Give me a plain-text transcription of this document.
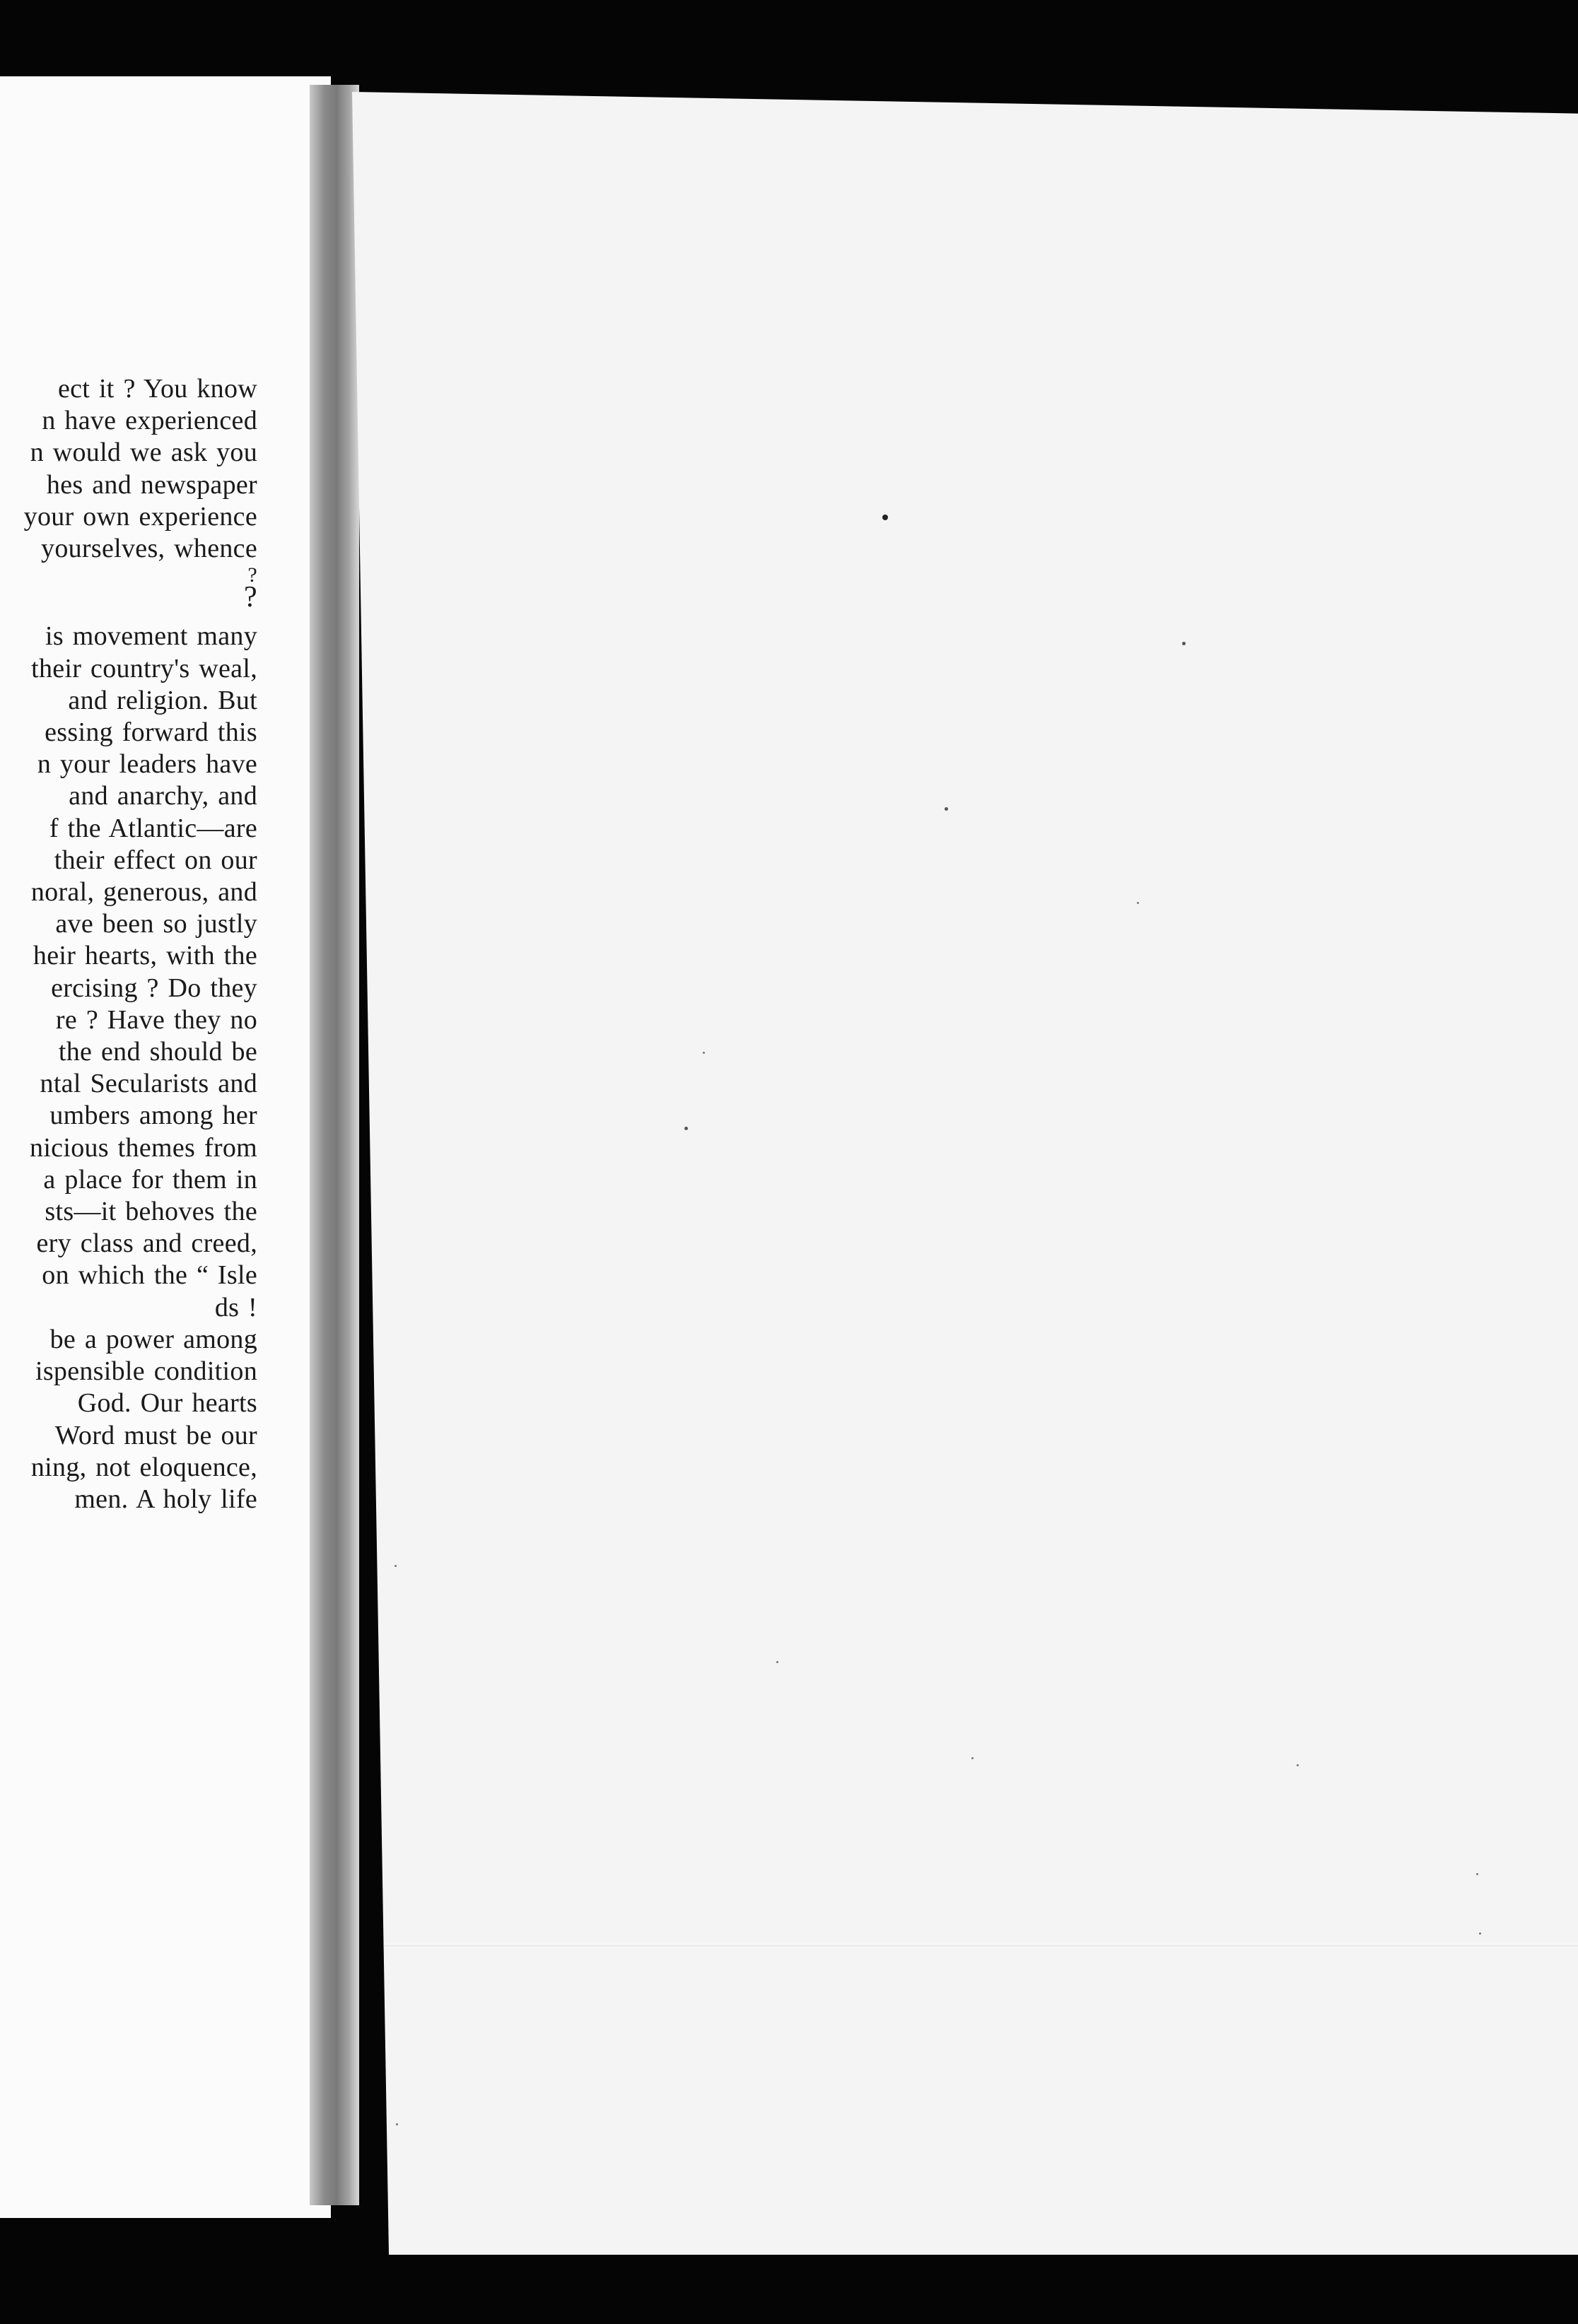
ect it ? You know
n have experienced
n would we ask you
hes and newspaper
your own experience
yourselves, whence
?
?
is movement many
their country's weal,
and religion. But
essing forward this
n your leaders have
and anarchy, and
f the Atlantic—are
their effect on our
noral, generous, and
ave been so justly
heir hearts, with the
ercising ? Do they
re ? Have they no
the end should be
ntal Secularists and
umbers among her
nicious themes from
a place for them in
sts—it behoves the
ery class and creed,
on which the “ Isle
ds !
be a power among
ispensible condition
God. Our hearts
Word must be our
ning, not eloquence,
men. A holy life
